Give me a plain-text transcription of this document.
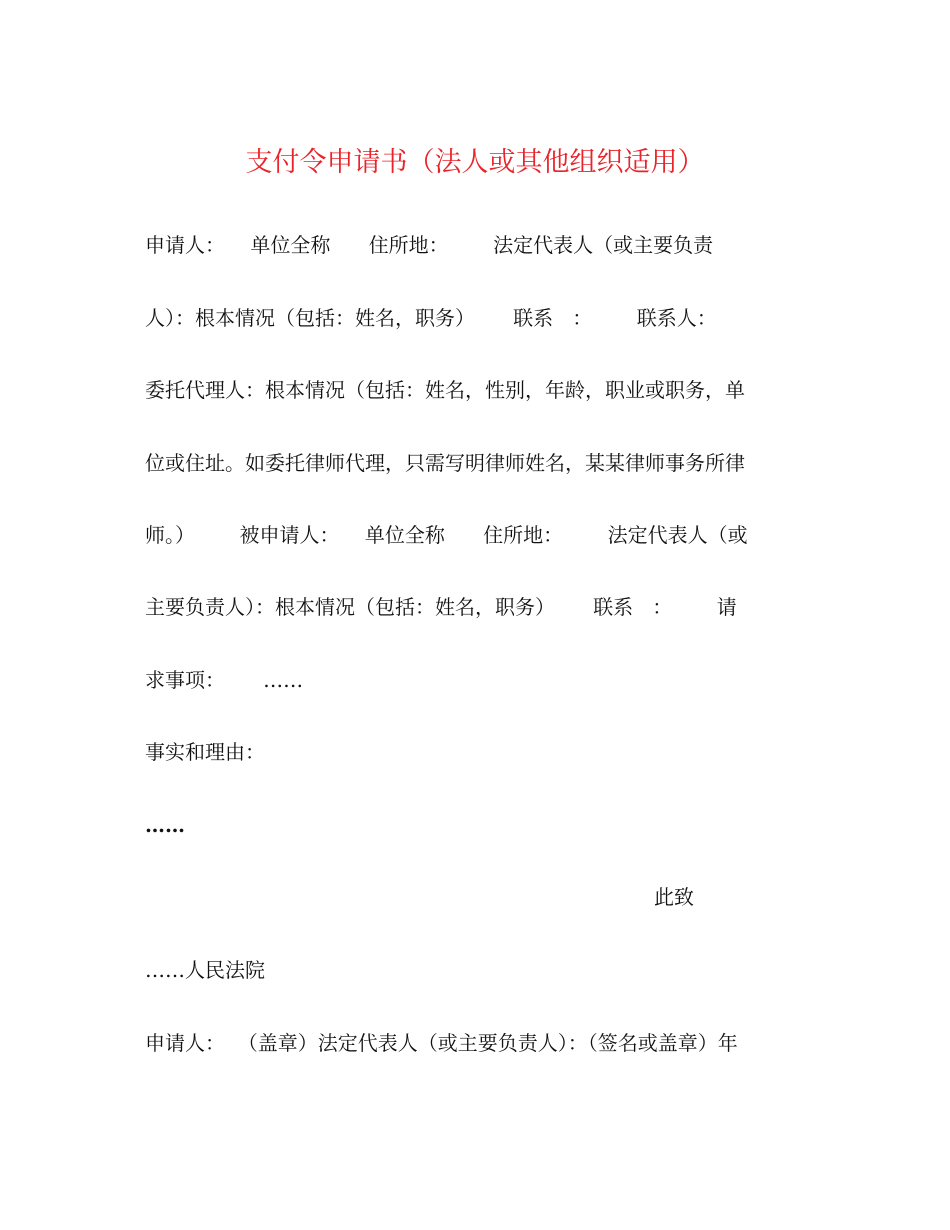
支付令申请书（法人或其他组织适用）
申请人：    单位全称      住所地：       法定代表人（或主要负责
人）：根本情况（包括：姓名，职务）      联系   ：       联系人：
委托代理人：根本情况（包括：姓名，性别，年龄，职业或职务，单
位或住址。如委托律师代理，只需写明律师姓名，某某律师事务所律
师。）       被申请人：    单位全称      住所地：       法定代表人（或
主要负责人）：根本情况（包括：姓名，职务）      联系   ：       请
求事项：      ……
事实和理由：
……
此致
……人民法院
申请人：  （盖章）法定代表人（或主要负责人）：（签名或盖章）年
